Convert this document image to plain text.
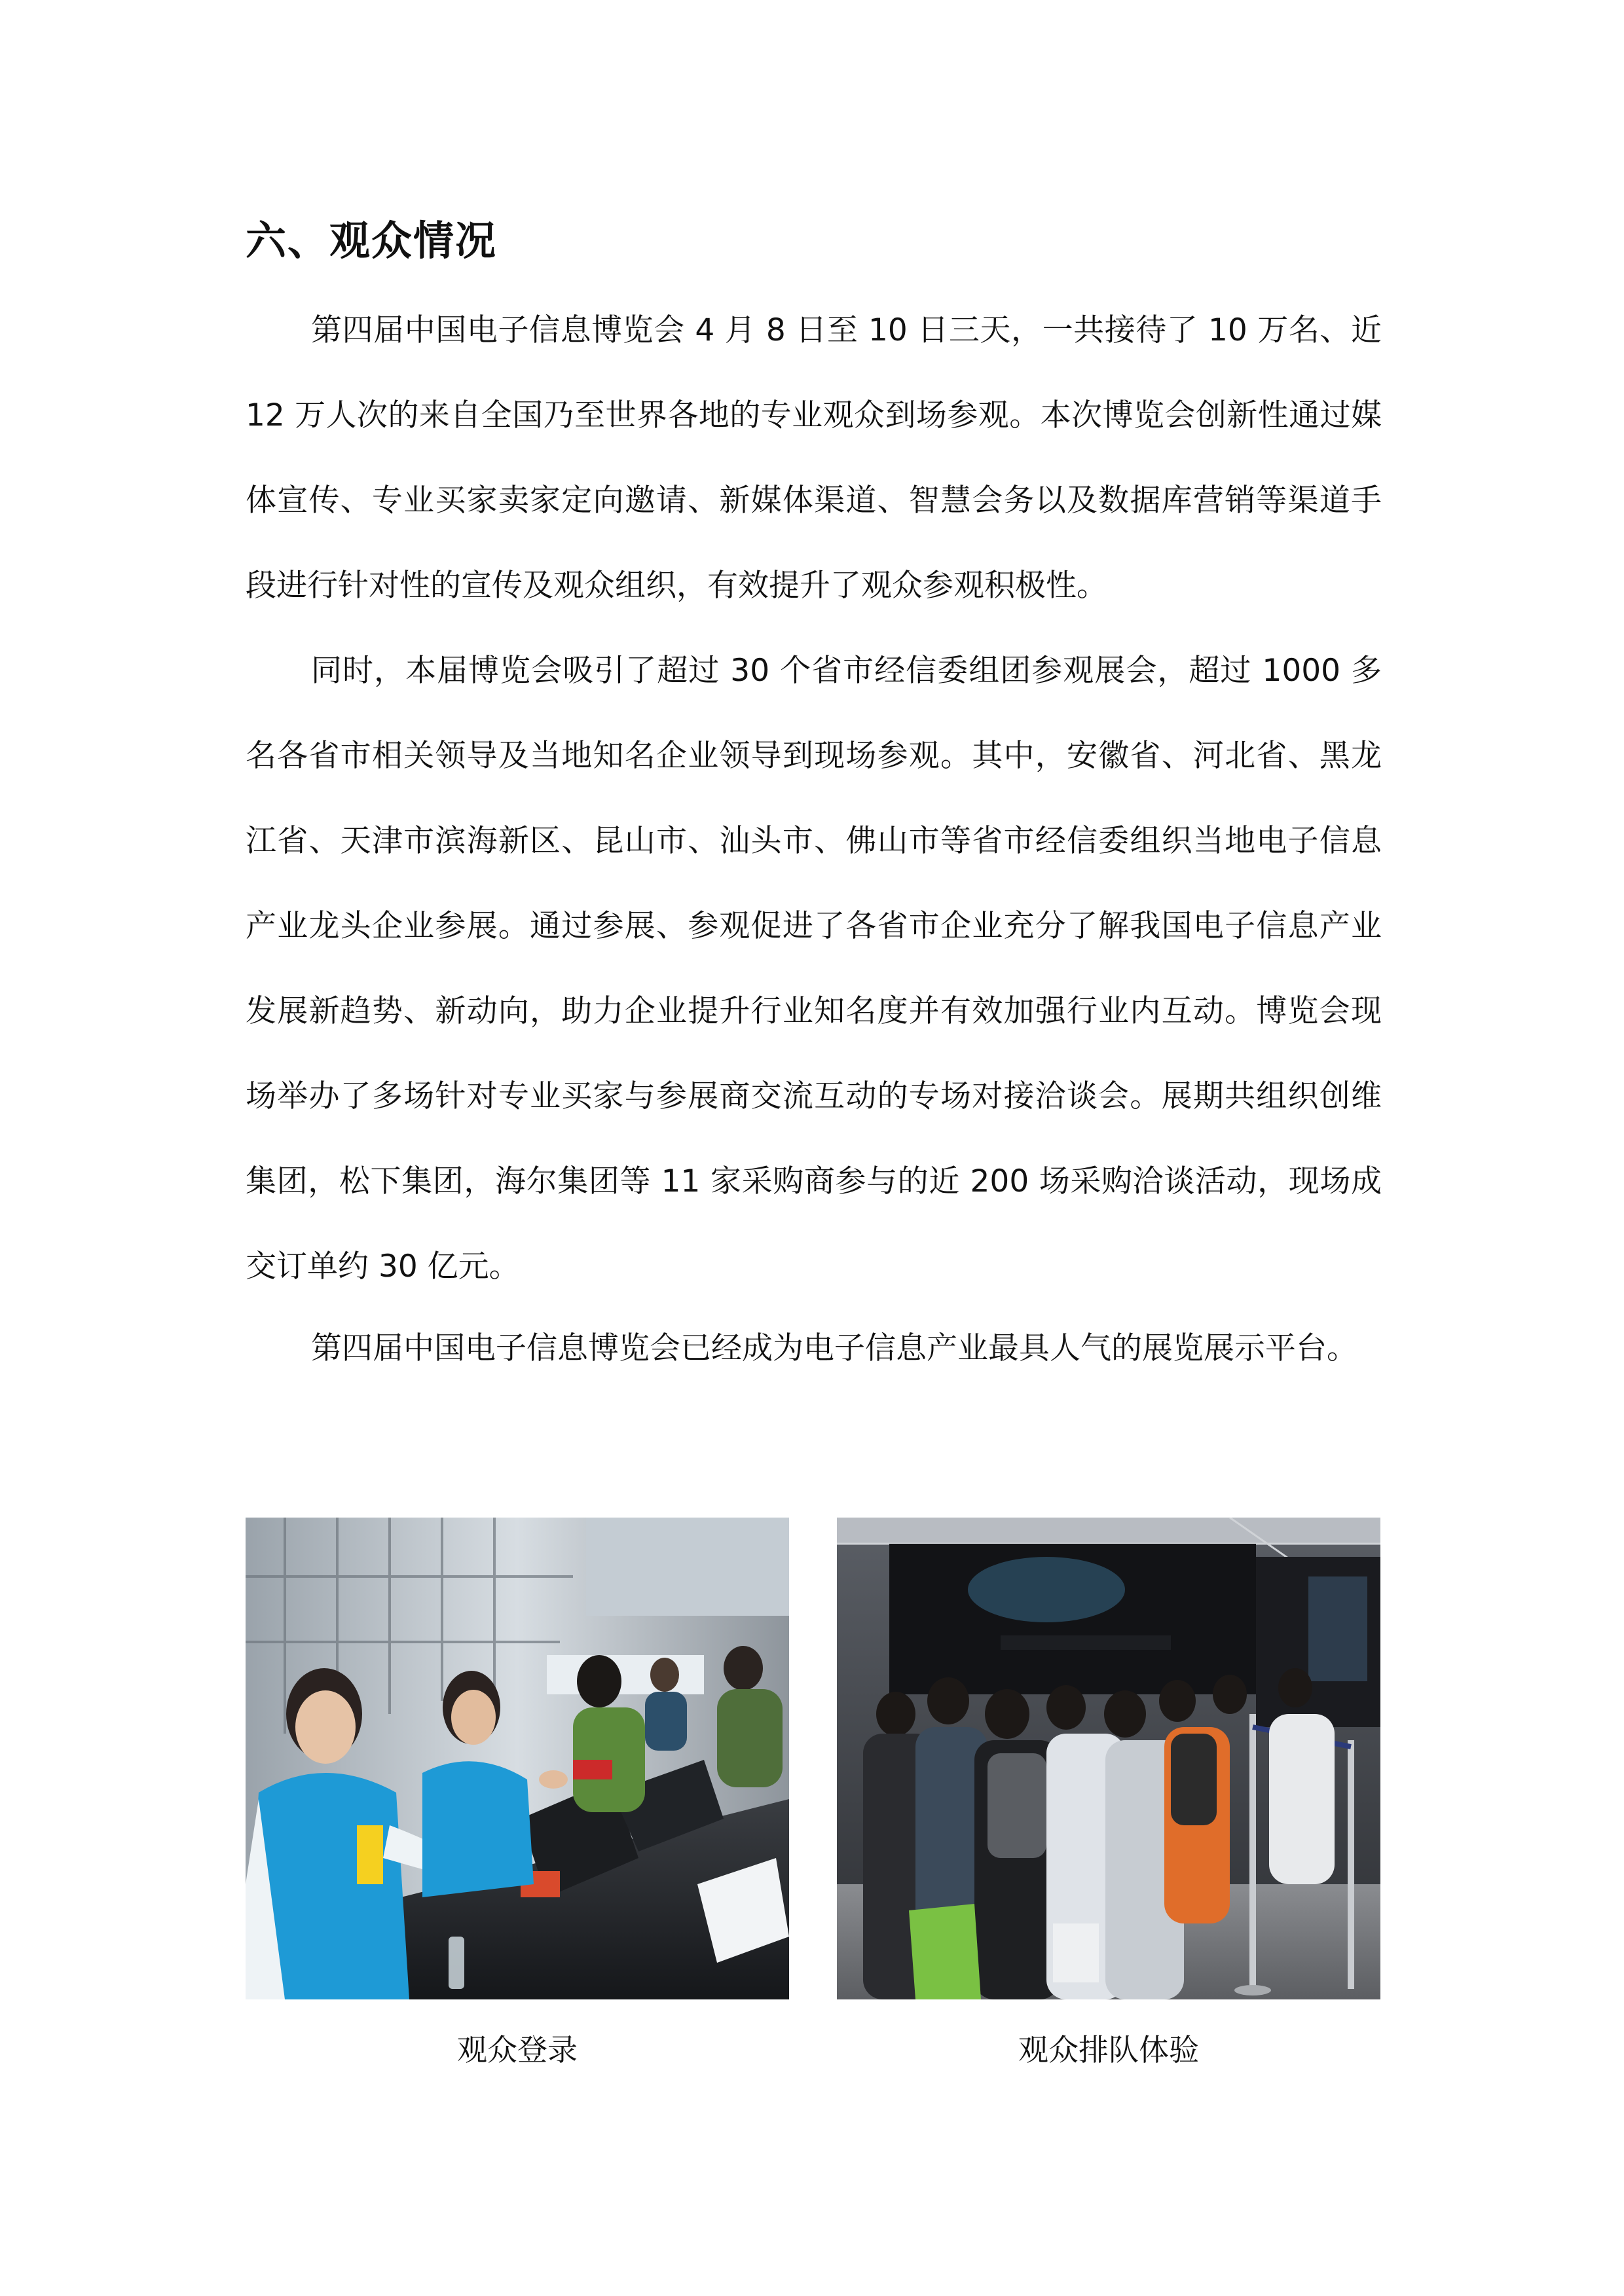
六、观众情况

第四届中国电子信息博览会 4 月 8 日至 10 日三天，一共接待了 10 万名、近 12 万人次的来自全国乃至世界各地的专业观众到场参观。本次博览会创新性通过媒体宣传、专业买家卖家定向邀请、新媒体渠道、智慧会务以及数据库营销等渠道手段进行针对性的宣传及观众组织，有效提升了观众参观积极性。

同时，本届博览会吸引了超过 30 个省市经信委组团参观展会，超过 1000 多名各省市相关领导及当地知名企业领导到现场参观。其中，安徽省、河北省、黑龙江省、天津市滨海新区、昆山市、汕头市、佛山市等省市经信委组织当地电子信息产业龙头企业参展。通过参展、参观促进了各省市企业充分了解我国电子信息产业发展新趋势、新动向，助力企业提升行业知名度并有效加强行业内互动。博览会现场举办了多场针对专业买家与参展商交流互动的专场对接洽谈会。展期共组织创维集团，松下集团，海尔集团等 11 家采购商参与的近 200 场采购洽谈活动，现场成交订单约 30 亿元。

第四届中国电子信息博览会已经成为电子信息产业最具人气的展览展示平台。

观众登录	观众排队体验
